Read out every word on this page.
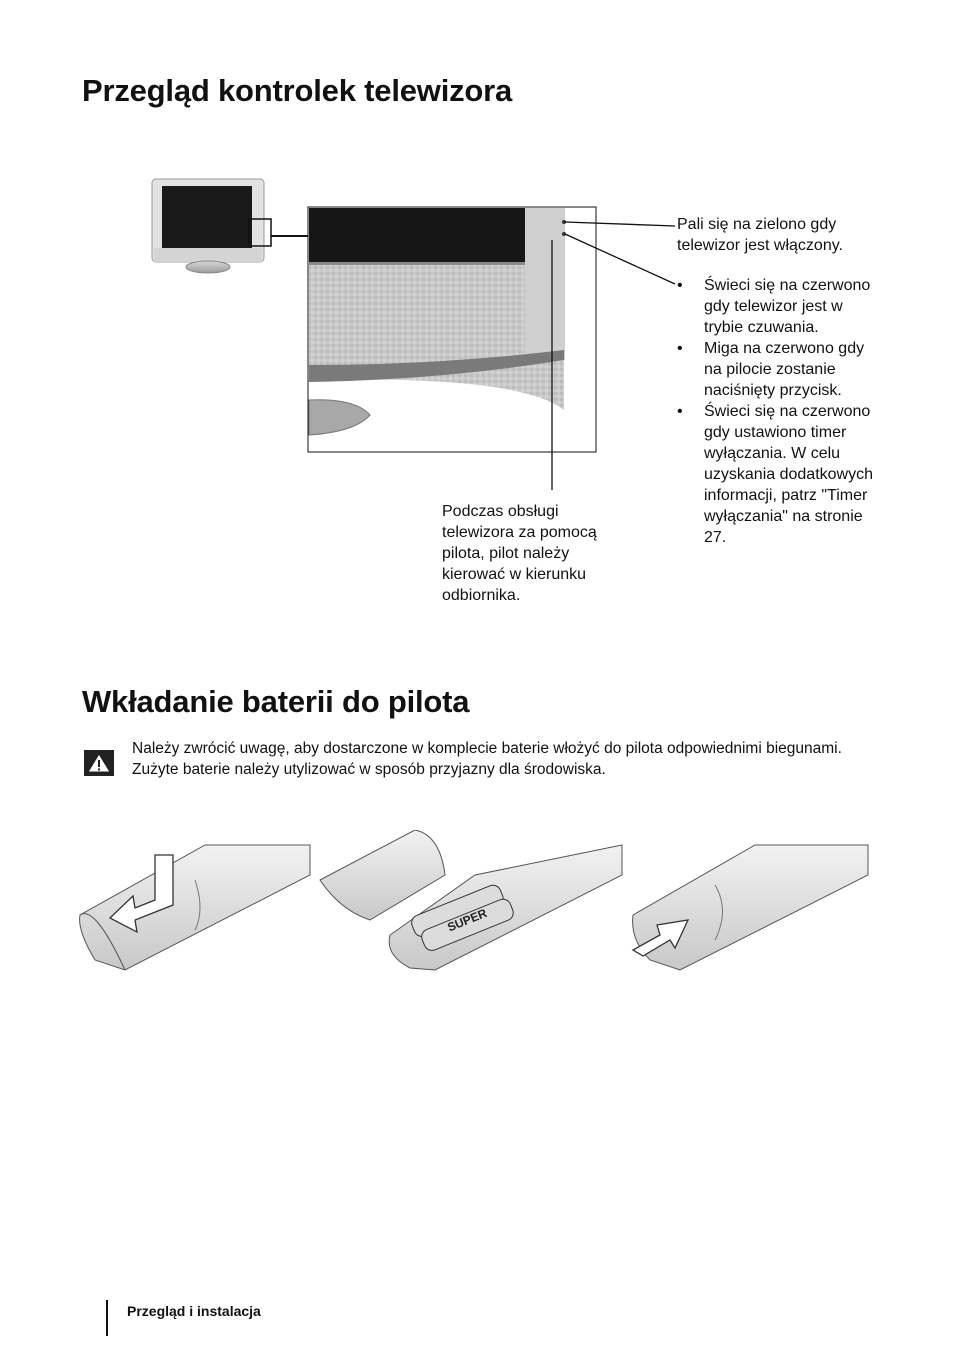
Przegląd kontrolek telewizora
Pali się na zielono gdy telewizor jest włączony.
• Świeci się na czerwono gdy telewizor jest w trybie czuwania.
• Miga na czerwono gdy na pilocie zostanie naciśnięty przycisk.
• Świeci się na czerwono gdy ustawiono timer wyłączania. W celu uzyskania dodatkowych informacji, patrz "Timer wyłączania" na stronie 27.
Podczas obsługi telewizora za pomocą pilota, pilot należy kierować w kierunku odbiornika.
Wkładanie baterii do pilota

Należy zwrócić uwagę, aby dostarczone w komplecie baterie włożyć do pilota odpowiednimi biegunami.

Zużyte baterie należy utylizować w sposób przyjazny dla środowiska.

SUPER
Przegląd i instalacja
